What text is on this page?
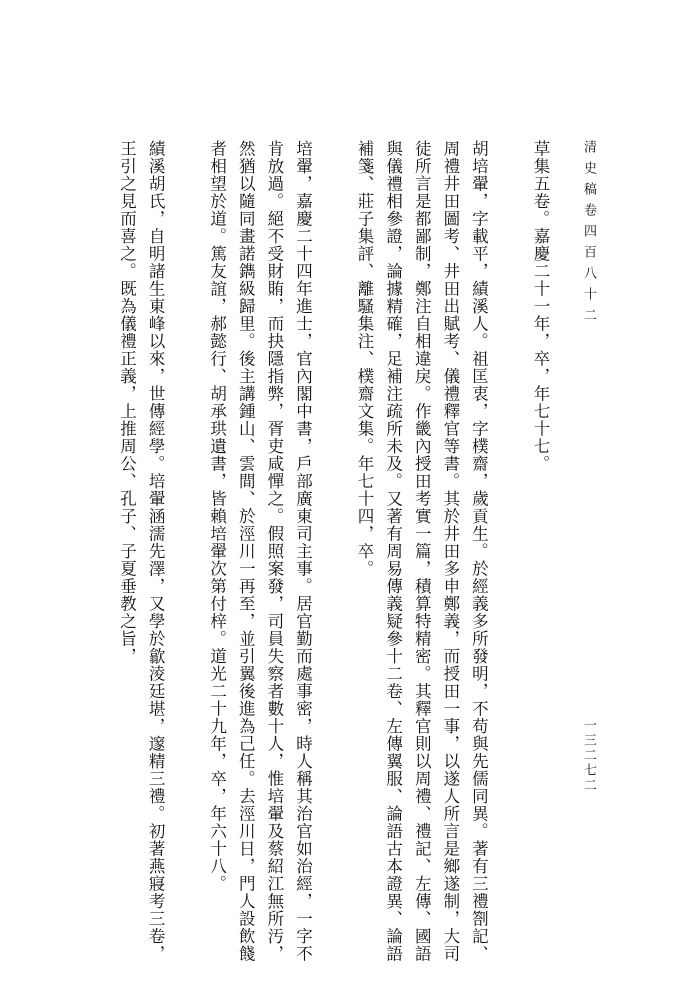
清史稿卷四百八十二

草集五卷。嘉慶二十一年，卒，年七十七。

胡培翬，字載平，績溪人。祖匡衷，字樸齋，歲貢生。於經義多所發明，不苟與先儒同異。著有三禮劄記、周禮井田圖考、井田出賦考、儀禮釋官等書。其於井田多申鄭義，而授田一事，以遂人所言是鄉遂制，大司徒所言是都鄙制，鄭注自相違戾。作畿內授田考實一篇，積算特精密。其釋官則以周禮、禮記、左傳、國語與儀禮相參證，論據精確，足補注疏所未及。又著有周易傳義疑參十二卷、左傳翼服、論語古本證異、論語補箋、莊子集評、離騷集注、樸齋文集。年七十四，卒。

培翬，嘉慶二十四年進士，官內閣中書，戶部廣東司主事。居官勤而處事密，時人稱其治官如治經，一字不肯放過。絕不受財賄，而抉隱指弊，胥吏咸憚之。假照案發，司員失察者數十人，惟培翬及蔡紹江無所汚，然猶以隨同畫諾鐫級歸里。後主講鍾山、雲間、於涇川一再至，並引翼後進為己任。去涇川日，門人設飲餞者相望於道。篤友誼，郝懿行、胡承珙遺書，皆賴培翬次第付梓。道光二十九年，卒，年六十八。

績溪胡氏，自明諸生東峰以來，世傳經學。培翬涵濡先澤，又學於歙淩廷堪，邃精三禮。初著燕寢考三卷，王引之見而喜之。既為儀禮正義，上推周公、孔子、子夏垂教之旨，

一三二七二
